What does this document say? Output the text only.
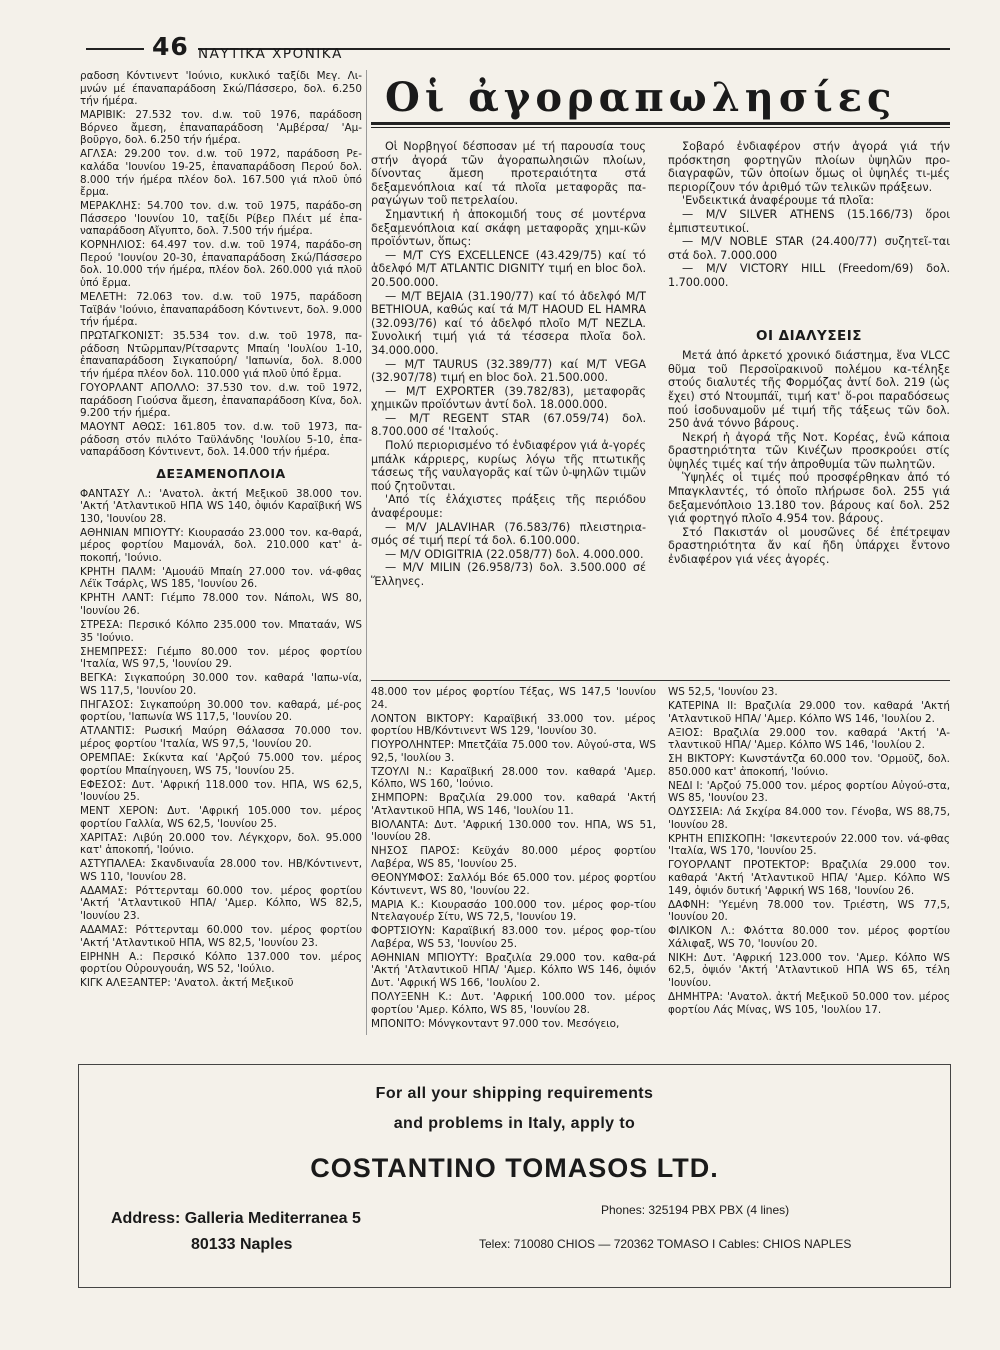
46 ΝΑΥΤΙΚΑ ΧΡΟΝΙΚΑ

ραδοση Κόντινεντ 'Ιούνιο, κυκλικό ταξίδι Μεγ. Λι-μνών μέ έπαναπαράδοση Σκώ/Πάσσερο, δολ. 6.250 τήν ήμέρα.

ΜΑΡΙΒΙΚ: 27.532 τον. d.w. τοῦ 1976, παράδοση Βόρνεο ἄμεση, ἐπαναπαράδοση 'Αμβέρσα/ 'Αμ-βοῦργο, δολ. 6.250 τήν ήμέρα.

ΑΓΛΣΑ: 29.200 τον. d.w. τοῦ 1972, παράδοση Ρε-καλάδα 'Ιουνίου 19-25, ἐπαναπαράδοση Περού δολ. 8.000 τήν ήμέρα πλέον δολ. 167.500 γιά πλοῦ ὑπό ἔρμα.

ΜΕΡΑΚΛΗΣ: 54.700 τον. d.w. τοῦ 1975, παράδο-ση Πάσσερο 'Ιουνίου 10, ταξίδι Ρίβερ Πλέιτ μέ ἐπα-ναπαράδοση Αἴγυπτο, δολ. 7.500 τήν ήμέρα.

ΚΟΡΝΗΛΙΟΣ: 64.497 τον. d.w. τοῦ 1974, παράδο-ση Περού 'Ιουνίου 20-30, ἐπαναπαράδοση Σκώ/Πάσσερο δολ. 10.000 τήν ήμέρα, πλέον δολ. 260.000 γιά πλοῦ ὑπό ἔρμα.

ΜΕΛΕΤΗ: 72.063 τον. d.w. τοῦ 1975, παράδοση Ταϊβάν 'Ιούνιο, ἐπαναπαράδοση Κόντινεντ, δολ. 9.000 τήν ήμέρα.

ΠΡΩΤΑΓΚΟΝΙΣΤ: 35.534 τον. d.w. τοῦ 1978, πα-ράδοση Ντῶρμπαν/Ρίτσαρντς Μπαίη 'Ιουλίου 1-10, ἐπαναπαράδοση Σιγκαπούρη/ 'Ιαπωνία, δολ. 8.000 τήν ήμέρα πλέον δολ. 110.000 γιά πλοῦ ὑπό ἔρμα.

ΓΟΥΟΡΛΑΝΤ ΑΠΟΛΛΟ: 37.530 τον. d.w. τοῦ 1972, παράδοση Γιούσνα ἄμεση, ἐπαναπαράδοση Κίνα, δολ. 9.200 τήν ήμέρα.

ΜΑΟΥΝΤ ΑΘΩΣ: 161.805 τον. d.w. τοῦ 1973, πα-ράδοση στόν πιλότο Ταϋλάνδης 'Ιουλίου 5-10, ἐπα-ναπαράδοση Κόντινεντ, δολ. 14.000 τήν ήμέρα.

ΔΕΞΑΜΕΝΟΠΛΟΙΑ

ΦΑΝΤΑΣΥ Λ.: 'Ανατολ. ἀκτή Μεξικοῦ 38.000 τον. 'Ακτή 'Ατλαντικοῦ ΗΠΑ WS 140, ὀψιόν Καραϊβική WS 130, 'Ιουνίου 28.

ΑΘΗΝΙΑΝ ΜΠΙΟΥΤΥ: Κιουρασάο 23.000 τον. κα-θαρά, μέρος φορτίου Μαμονάλ, δολ. 210.000 κατ' ἀ-ποκοπή, 'Ιούνιο.

ΚΡΗΤΗ ΠΑΛΜ: 'Αμουάϋ Μπαίη 27.000 τον. νά-φθας Λέϊκ Τσάρλς, WS 185, 'Ιουνίου 26.

ΚΡΗΤΗ ΛΑΝΤ: Γιέμπο 78.000 τον. Νάπολι, WS 80, 'Ιουνίου 26.

ΣΤΡΕΣΑ: Περσικό Κόλπο 235.000 τον. Μπαταάν, WS 35 'Ιούνιο.

ΣΗΕΜΠΡΕΣΣ: Γιέμπο 80.000 τον. μέρος φορτίου 'Ιταλία, WS 97,5, 'Ιουνίου 29.

ΒΕΓΚΑ: Σιγκαπούρη 30.000 τον. καθαρά 'Ιαπω-νία, WS 117,5, 'Ιουνίου 20.

ΠΗΓΑΣΟΣ: Σιγκαπούρη 30.000 τον. καθαρά, μέ-ρος φορτίου, 'Ιαπωνία WS 117,5, 'Ιουνίου 20.

ΑΤΛΑΝΤΙΣ: Ρωσική Μαύρη Θάλασσα 70.000 τον. μέρος φορτίου 'Ιταλία, WS 97,5, 'Ιουνίου 20.

ΟΡΕΜΠΑΕ: Σκίκντα καί 'Αρζού 75.000 τον. μέρος φορτίου Μπαίηγουεη, WS 75, 'Ιουνίου 25.

ΕΦΕΣΟΣ: Δυτ. 'Αφρική 118.000 τον. ΗΠΑ, WS 62,5, 'Ιουνίου 25.

ΜΕΝΤ ΧΕΡΟΝ: Δυτ. 'Αφρική 105.000 τον. μέρος φορτίου Γαλλία, WS 62,5, 'Ιουνίου 25.

ΧΑΡΙΤΑΣ: Λιβύη 20.000 τον. Λέγκχορν, δολ. 95.000 κατ' ἀποκοπή, 'Ιούνιο.

ΑΣΤΥΠΑΛΕΑ: Σκανδιναυΐα 28.000 τον. ΗΒ/Κόντινεντ, WS 110, 'Ιουνίου 28.

ΑΔΑΜΑΣ: Ρόττερνταμ 60.000 τον. μέρος φορτίου 'Ακτή 'Ατλαντικοῦ ΗΠΑ/ 'Αμερ. Κόλπο, WS 82,5, 'Ιουνίου 23.

ΑΔΑΜΑΣ: Ρόττερνταμ 60.000 τον. μέρος φορτίου 'Ακτή 'Ατλαντικοῦ ΗΠΑ, WS 82,5, 'Ιουνίου 23.

ΕΙΡΗΝΗ Α.: Περσικό Κόλπο 137.000 τον. μέρος φορτίου Οὐρουγουάη, WS 52, 'Ιούλιο.

ΚΙΓΚ ΑΛΕΞΑΝΤΕΡ: 'Ανατολ. ἀκτή Μεξικοῦ

Οἱ ἀγοραπωλησίες

Οἱ Νορβηγοί δέσποσαν μέ τή παρουσία τους στήν ἀγορά τῶν ἀγοραπωλησιῶν πλοίων, δίνοντας ἄμεση προτεραιότητα στά δεξαμενόπλοια καί τά πλοῖα μεταφορᾶς πα-ραγώγων τοῦ πετρελαίου.

Σημαντική ἡ ἀποκομιδή τους σέ μοντέρνα δεξαμενόπλοια καί σκάφη μεταφορᾶς χημι-κῶν προϊόντων, ὅπως:

— Μ/Τ CYS EXCELLENCE (43.429/75) καί τό ἀδελφό Μ/Τ ATLANTIC DIGNITY τιμή en bloc δολ. 20.500.000.

— Μ/Τ BEJAIA (31.190/77) καί τό ἀδελφό Μ/Τ BETHIOUA, καθώς καί τά Μ/Τ HAOUD EL HAMRA (32.093/76) καί τό ἀδελφό πλοῖο Μ/Τ NEZLA. Συνολική τιμή γιά τά τέσσερα πλοῖα δολ. 34.000.000.

— Μ/Τ TAURUS (32.389/77) καί Μ/Τ VEGA (32.907/78) τιμή en bloc δολ. 21.500.000.

— Μ/Τ EXPORTER (39.782/83), μεταφορᾶς χημικῶν προϊόντων ἀντί δολ. 18.000.000.

— Μ/Τ REGENT STAR (67.059/74) δολ. 8.700.000 σέ 'Ιταλούς.

Πολύ περιορισμένο τό ἐνδιαφέρον γιά ἀ-γορές μπάλκ κάρριερς, κυρίως λόγω τῆς πτωτικῆς τάσεως τῆς ναυλαγορᾶς καί τῶν ὑ-ψηλῶν τιμῶν πού ζητοῦνται.

'Από τίς ἐλάχιστες πράξεις τῆς περιόδου ἀναφέρουμε:

— M/V JALAVIHAR (76.583/76) πλειστηρια-σμός σέ τιμή περί τά δολ. 6.100.000.

— M/V ODIGITRIA (22.058/77) δολ. 4.000.000.

— M/V MILIN (26.958/73) δολ. 3.500.000 σέ Ἕλληνες.

Σοβαρό ἐνδιαφέρον στήν ἀγορά γιά τήν πρόσκτηση φορτηγῶν πλοίων ὑψηλῶν προ-διαγραφῶν, τῶν ὁποίων ὅμως οἱ ὑψηλές τι-μές περιορίζουν τόν ἀριθμό τῶν τελικῶν πράξεων.

'Ενδεικτικά ἀναφέρουμε τά πλοῖα:

— M/V SILVER ATHENS (15.166/73) ὅροι ἐμπιστευτικοί.

— M/V NOBLE STAR (24.400/77) συζητεῖ-ται στά δολ. 7.000.000

— M/V VICTORY HILL (Freedom/69) δολ. 1.700.000.

ΟΙ ΔΙΑΛΥΣΕΙΣ

Μετά ἀπό ἀρκετό χρονικό διάστημα, ἕνα VLCC θῦμα τοῦ Περσοϊρακινοῦ πολέμου κα-τέληξε στούς διαλυτές τῆς Φορμόζας ἀντί δολ. 219 (ὡς ἔχει) στό Ντουμπάϊ, τιμή κατ' ὅ-ροι παραδόσεως πού ἰσοδυναμοῦν μέ τιμή τῆς τάξεως τῶν δολ. 250 ἀνά τόννο βάρους.

Νεκρή ἡ ἀγορά τῆς Νοτ. Κορέας, ἐνῶ κάποια δραστηριότητα τῶν Κινέζων προσκρούει στίς ὑψηλές τιμές καί τήν ἀπροθυμία τῶν πωλητῶν.

Ὑψηλές οἱ τιμές πού προσφέρθηκαν ἀπό τό Μπαγκλαντές, τό ὁποῖο πλήρωσε δολ. 255 γιά δεξαμενόπλοιο 13.180 τον. βάρους καί δολ. 252 γιά φορτηγό πλοῖο 4.954 τον. βάρους.

Στό Πακιστάν οἱ μουσῶνες δέ ἐπέτρεψαν δραστηριότητα ἄν καί ἤδη ὑπάρχει ἔντονο ἐνδιαφέρον γιά νέες ἀγορές.

48.000 τον μέρος φορτίου Τέξας, WS 147,5 'Ιουνίου 24.

ΛΟΝΤΟΝ ΒΙΚΤΟΡΥ: Καραϊβική 33.000 τον. μέρος φορτίου ΗΒ/Κόντινεντ WS 129, 'Ιουνίου 30.

ΓΙΟΥΡΟΛΗΝΤΕΡ: Μπετζάϊα 75.000 τον. Αὐγού-στα, WS 92,5, 'Ιουλίου 3.

ΤΖΟΥΛΙ Ν.: Καραϊβική 28.000 τον. καθαρά 'Αμερ. Κόλπο, WS 160, 'Ιούνιο.

ΣΗΜΠΟΡΝ: Βραζιλία 29.000 τον. καθαρά 'Ακτή 'Ατλαντικοῦ ΗΠΑ, WS 146, 'Ιουλίου 11.

ΒΙΟΛΑΝΤΑ: Δυτ. 'Αφρική 130.000 τον. ΗΠΑ, WS 51, 'Ιουνίου 28.

ΝΗΣΟΣ ΠΑΡΟΣ: Κεϋχάν 80.000 μέρος φορτίου Λαβέρα, WS 85, 'Ιουνίου 25.

ΘΕΟΝΥΜΦΟΣ: Σαλλόμ Βόε 65.000 τον. μέρος φορτίου Κόντινεντ, WS 80, 'Ιουνίου 22.

ΜΑΡΙΑ Κ.: Κιουρασάο 100.000 τον. μέρος φορ-τίου Ντελαγουέρ Σίτυ, WS 72,5, 'Ιουνίου 19.

ΦΟΡΤΣΙΟΥΝ: Καραϊβική 83.000 τον. μέρος φορ-τίου Λαβέρα, WS 53, 'Ιουνίου 25.

ΑΘΗΝΙΑΝ ΜΠΙΟΥΤΥ: Βραζιλία 29.000 τον. καθα-ρά 'Ακτή 'Ατλαντικοῦ ΗΠΑ/ 'Αμερ. Κόλπο WS 146, ὀψιόν Δυτ. 'Αφρική WS 166, 'Ιουλίου 2.

ΠΟΛΥΞΕΝΗ Κ.: Δυτ. 'Αφρική 100.000 τον. μέρος φορτίου 'Αμερ. Κόλπο, WS 85, 'Ιουνίου 28.

ΜΠΟΝΙΤΟ: Μόνγκονταντ 97.000 τον. Μεσόγειο,

WS 52,5, 'Ιουνίου 23.

ΚΑΤΕΡΙΝΑ ΙΙ: Βραζιλία 29.000 τον. καθαρά 'Ακτή 'Ατλαντικοῦ ΗΠΑ/ 'Αμερ. Κόλπο WS 146, 'Ιουλίου 2.

ΑΞΙΟΣ: Βραζιλία 29.000 τον. καθαρά 'Ακτή 'Α-τλαντικοῦ ΗΠΑ/ 'Αμερ. Κόλπο WS 146, 'Ιουλίου 2.

ΣΗ ΒΙΚΤΟΡΥ: Κωνστάντζα 60.000 τον. 'Ορμοῦζ, δολ. 850.000 κατ' ἀποκοπή, 'Ιούνιο.

ΝΕΔΙ Ι: 'Αρζού 75.000 τον. μέρος φορτίου Αὐγού-στα, WS 85, 'Ιουνίου 23.

ΟΔΥΣΣΕΙΑ: Λά Σκχίρα 84.000 τον. Γένοβα, WS 88,75, 'Ιουνίου 28.

ΚΡΗΤΗ ΕΠΙΣΚΟΠΗ: 'Ισκεντερούν 22.000 τον. νά-φθας 'Ιταλία, WS 170, 'Ιουνίου 25.

ΓΟΥΟΡΛΑΝΤ ΠΡΟΤΕΚΤΟΡ: Βραζιλία 29.000 τον. καθαρά 'Ακτή 'Ατλαντικοῦ ΗΠΑ/ 'Αμερ. Κόλπο WS 149, ὀψιόν δυτική 'Αφρική WS 168, 'Ιουνίου 26.

ΔΑΦΝΗ: 'Υεμένη 78.000 τον. Τριέστη, WS 77,5, 'Ιουνίου 20.

ΦΙΛΙΚΟΝ Λ.: Φλόττα 80.000 τον. μέρος φορτίου Χάλιφαξ, WS 70, 'Ιουνίου 20.

ΝΙΚΗ: Δυτ. 'Αφρική 123.000 τον. 'Αμερ. Κόλπο WS 62,5, ὀψιόν 'Ακτή 'Ατλαντικοῦ ΗΠΑ WS 65, τέλη 'Ιουνίου.

ΔΗΜΗΤΡΑ: 'Ανατολ. ἀκτή Μεξικοῦ 50.000 τον. μέρος φορτίου Λάς Μίνας, WS 105, 'Ιουλίου 17.

For all your shipping requirements
and problems in Italy, apply to
COSTANTINO TOMASOS LTD.
Address: Galleria Mediterranea 5
80133 Naples
Phones: 325194 PBX PBX (4 lines)
Telex: 710080 CHIOS — 720362 TOMASO I Cables: CHIOS NAPLES
